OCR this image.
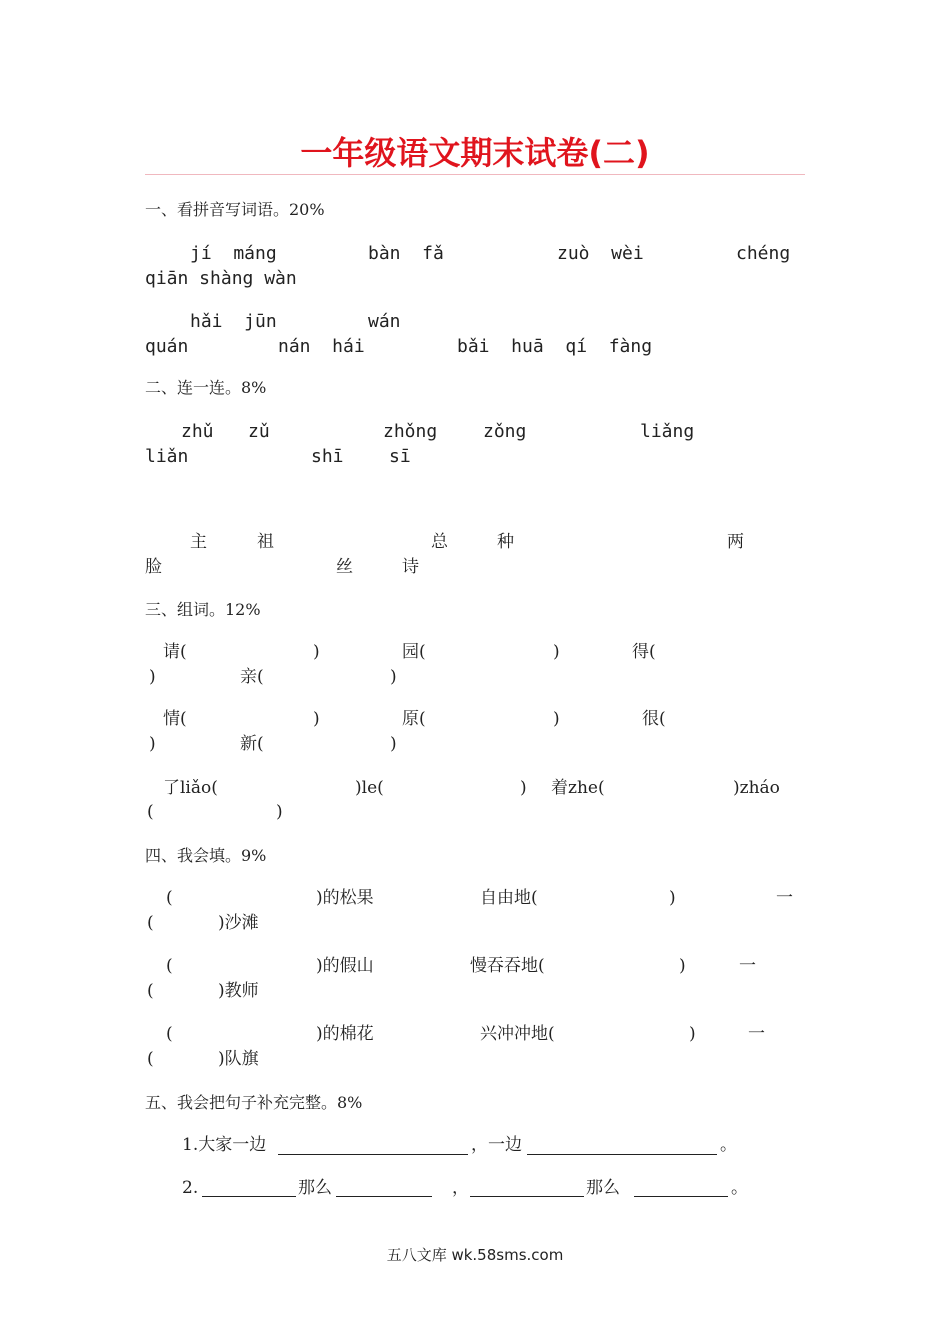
一年级语文期末试卷(二)
一、看拼音写词语。20%
jí  máng	bàn  fǎ	zuò  wèi	chéng
qiān shàng wàn
hǎi  jūn	wán
quán	nán  hái	bǎi  huā  qí  fàng
二、连一连。8%
zhǔ zǔ	zhǒng	zǒng	liǎng
liǎn	shī	sī
主	祖	总	种	两
脸	丝	诗
三、组词。12%
请(	)	园(	)	得(
)	亲(	)
情(	)	原(	)	很(
)	新(	)
了liǎo(	)le(	) 着zhe(	)zháo
(	)
四、我会填。9%
(	)的松果	自由地(	)	一
(	)沙滩
(	)的假山	慢吞吞地(	)	一
(	)教师
(	)的棉花	兴冲冲地(	)	一
(	)队旗
五、我会把句子补充完整。8%
1.大家一边	，一边	。
2.	那么	，	那么	。
五八文库 wk.58sms.com
